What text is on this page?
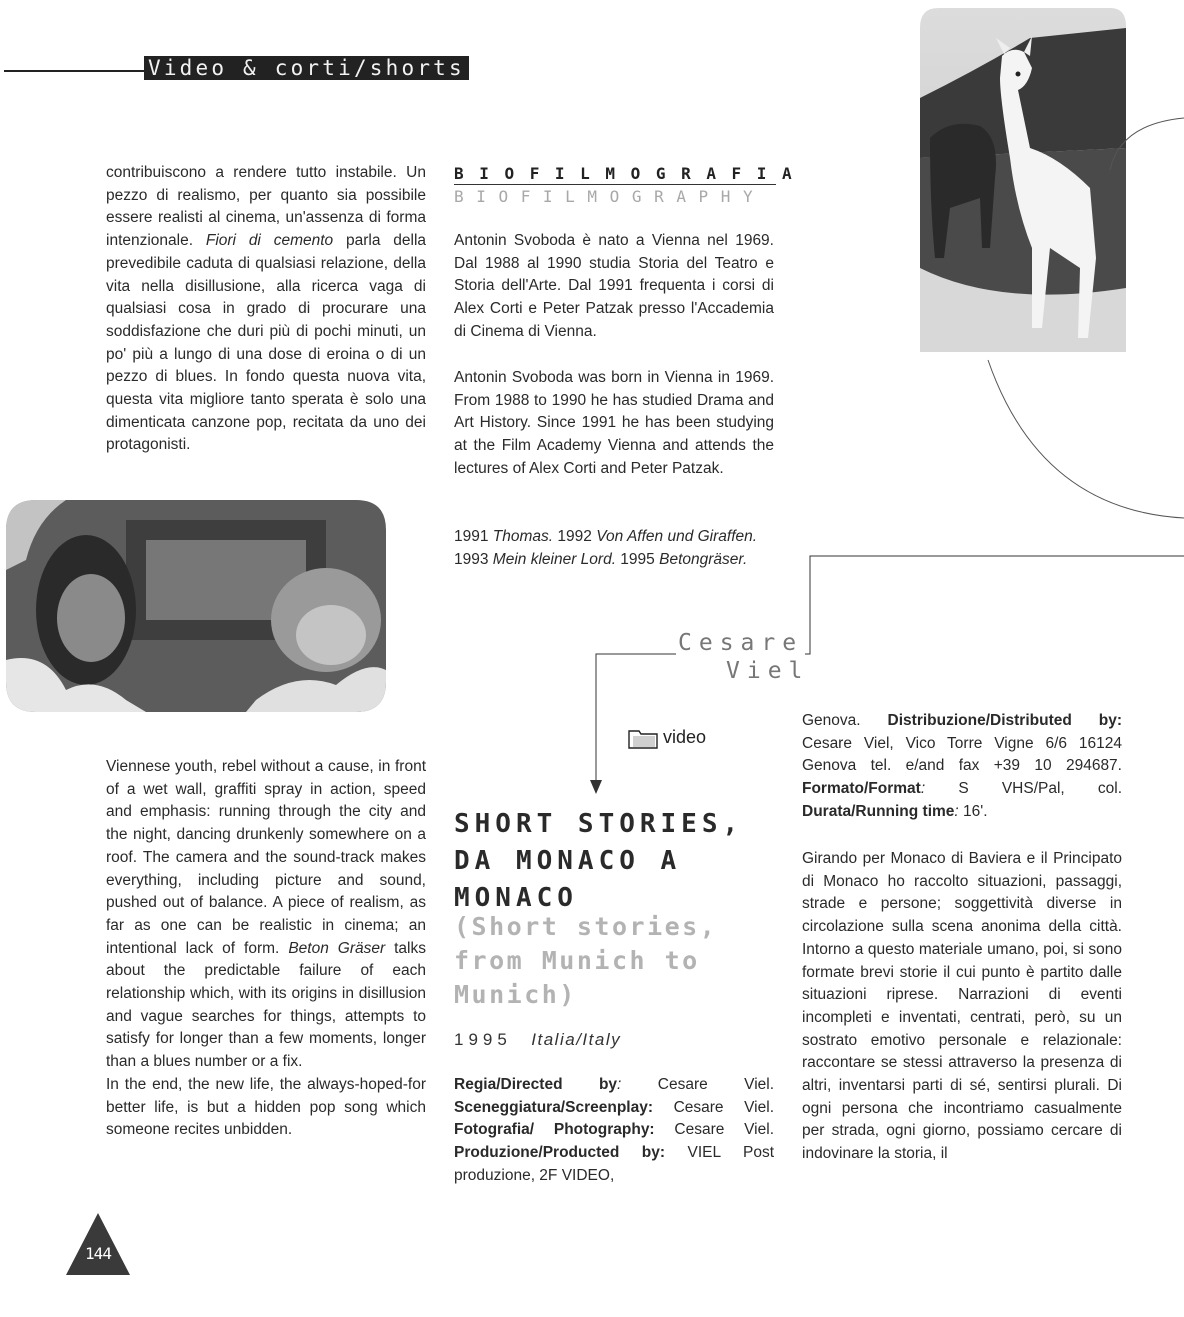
Video & corti/shorts

contribuiscono a rendere tutto instabile. Un pezzo di realismo, per quanto sia possibile essere realisti al cinema, un'assenza di forma intenzionale. Fiori di cemento parla della prevedibile caduta di qualsiasi relazione, della vita nella disillusione, alla ricerca vaga di qualsiasi cosa in grado di procurare una soddisfazione che duri più di pochi minuti, un po' più a lungo di una dose di eroina o di un pezzo di blues. In fondo questa nuova vita, questa vita migliore tanto sperata è solo una dimenticata canzone pop, recitata da uno dei protagonisti.

Viennese youth, rebel without a cause, in front of a wet wall, graffiti spray in action, speed and emphasis: running through the city and the night, dancing drunkenly somewhere on a roof. The camera and the sound-track makes everything, including picture and sound, pushed out of balance. A piece of realism, as far as one can be realistic in cinema; an intentional lack of form. Beton Gräser talks about the predictable failure of each relationship which, with its origins in disillusion and vague searches for things, attempts to satisfy for longer than a few moments, longer than a blues number or a fix.
In the end, the new life, the always-hoped-for better life, is but a hidden pop song which someone recites unbidden.

BIOFILMOGRAFIA
BIOFILMOGRAPHY

Antonin Svoboda è nato a Vienna nel 1969. Dal 1988 al 1990 studia Storia del Teatro e Storia dell'Arte. Dal 1991 frequenta i corsi di Alex Corti e Peter Patzak presso l'Accademia di Cinema di Vienna.

Antonin Svoboda was born in Vienna in 1969. From 1988 to 1990 he has studied Drama and Art History. Since 1991 he has been studying at the Film Academy Vienna and attends the lectures of Alex Corti and Peter Patzak.

1991 Thomas. 1992 Von Affen und Giraffen. 1993 Mein kleiner Lord. 1995 Betongräser.

Cesare
Viel
video
SHORT STORIES,
DA MONACO A
MONACO
(Short stories,
from Munich to
Munich)
1995 Italia/Italy

Regia/Directed by: Cesare Viel. Sceneggiatura/Screenplay: Cesare Viel. Fotografia/ Photography: Cesare Viel. Produzione/Producted by: VIEL Post produzione, 2F VIDEO,

Genova. Distribuzione/Distributed by: Cesare Viel, Vico Torre Vigne 6/6 16124 Genova tel. e/and fax +39 10 294687. Formato/Format: S VHS/Pal, col. Durata/Running time: 16'.

Girando per Monaco di Baviera e il Principato di Monaco ho raccolto situazioni, passaggi, strade e persone; soggettività diverse in circolazione sulla scena anonima della città. Intorno a questo materiale umano, poi, si sono formate brevi storie il cui punto è partito dalle situazioni riprese. Narrazioni di eventi incompleti e inventati, centrati, però, su un sostrato emotivo personale e relazionale: raccontare se stessi attraverso la presenza di altri, inventarsi parti di sé, sentirsi plurali. Di ogni persona che incontriamo casualmente per strada, ogni giorno, possiamo cercare di indovinare la storia, il

144
